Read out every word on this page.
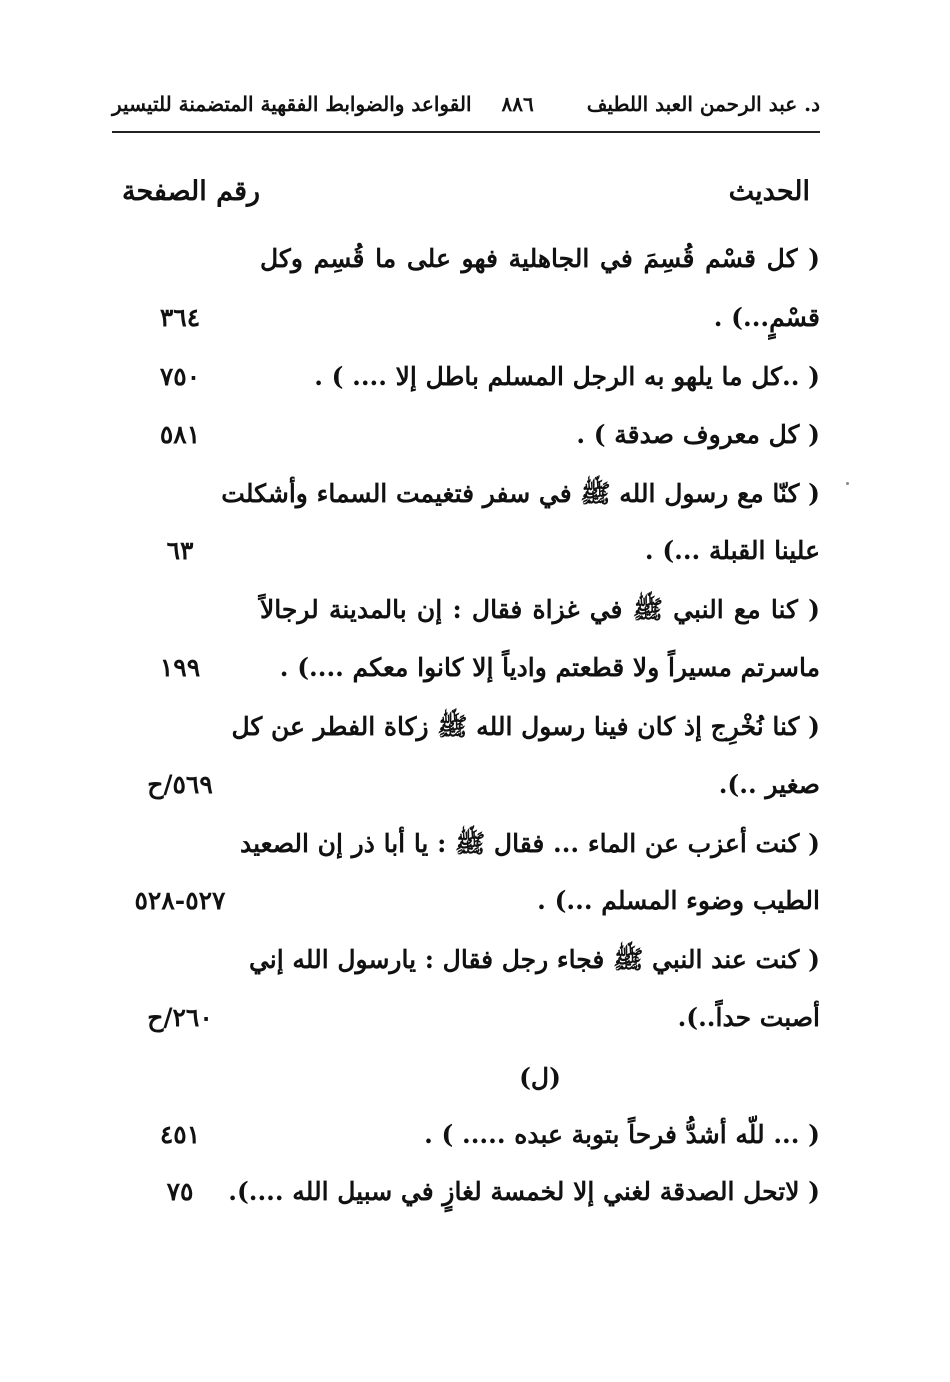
د. عبد الرحمن العبد اللطيف
٨٨٦
القواعد والضوابط الفقهية المتضمنة للتيسير
الحديث
رقم الصفحة
( كل قسْم قُسِمَ في الجاهلية فهو على ما قُسِم وكل
قسْمٍ...) .
٣٦٤
( ..كل ما يلهو به الرجل المسلم باطل إلا .... ) .
٧٥٠
( كل معروف صدقة ) .
٥٨١
( كنّا مع رسول الله ﷺ في سفر فتغيمت السماء وأشكلت
علينا القبلة ...) .
٦٣
( كنا مع النبي ﷺ في غزاة فقال : إن بالمدينة لرجالاً
ماسرتم مسيراً ولا قطعتم وادياً إلا كانوا معكم ....) .
١٩٩
( كنا نُخْرِج إذ كان فينا رسول الله ﷺ زكاة الفطر عن كل
صغير ..).
٥٦٩/ح
( كنت أعزب عن الماء ... فقال ﷺ : يا أبا ذر إن الصعيد
الطيب وضوء المسلم ...) .
٥٢٧-٥٢٨
( كنت عند النبي ﷺ فجاء رجل فقال : يارسول الله إني
أصبت حداً..).
٢٦٠/ح
(ل)
( ... للّه أشدُّ فرحاً بتوبة عبده ..... ) .
٤٥١
( لاتحل الصدقة لغني إلا لخمسة لغازٍ في سبيل الله ....).
٧٥
